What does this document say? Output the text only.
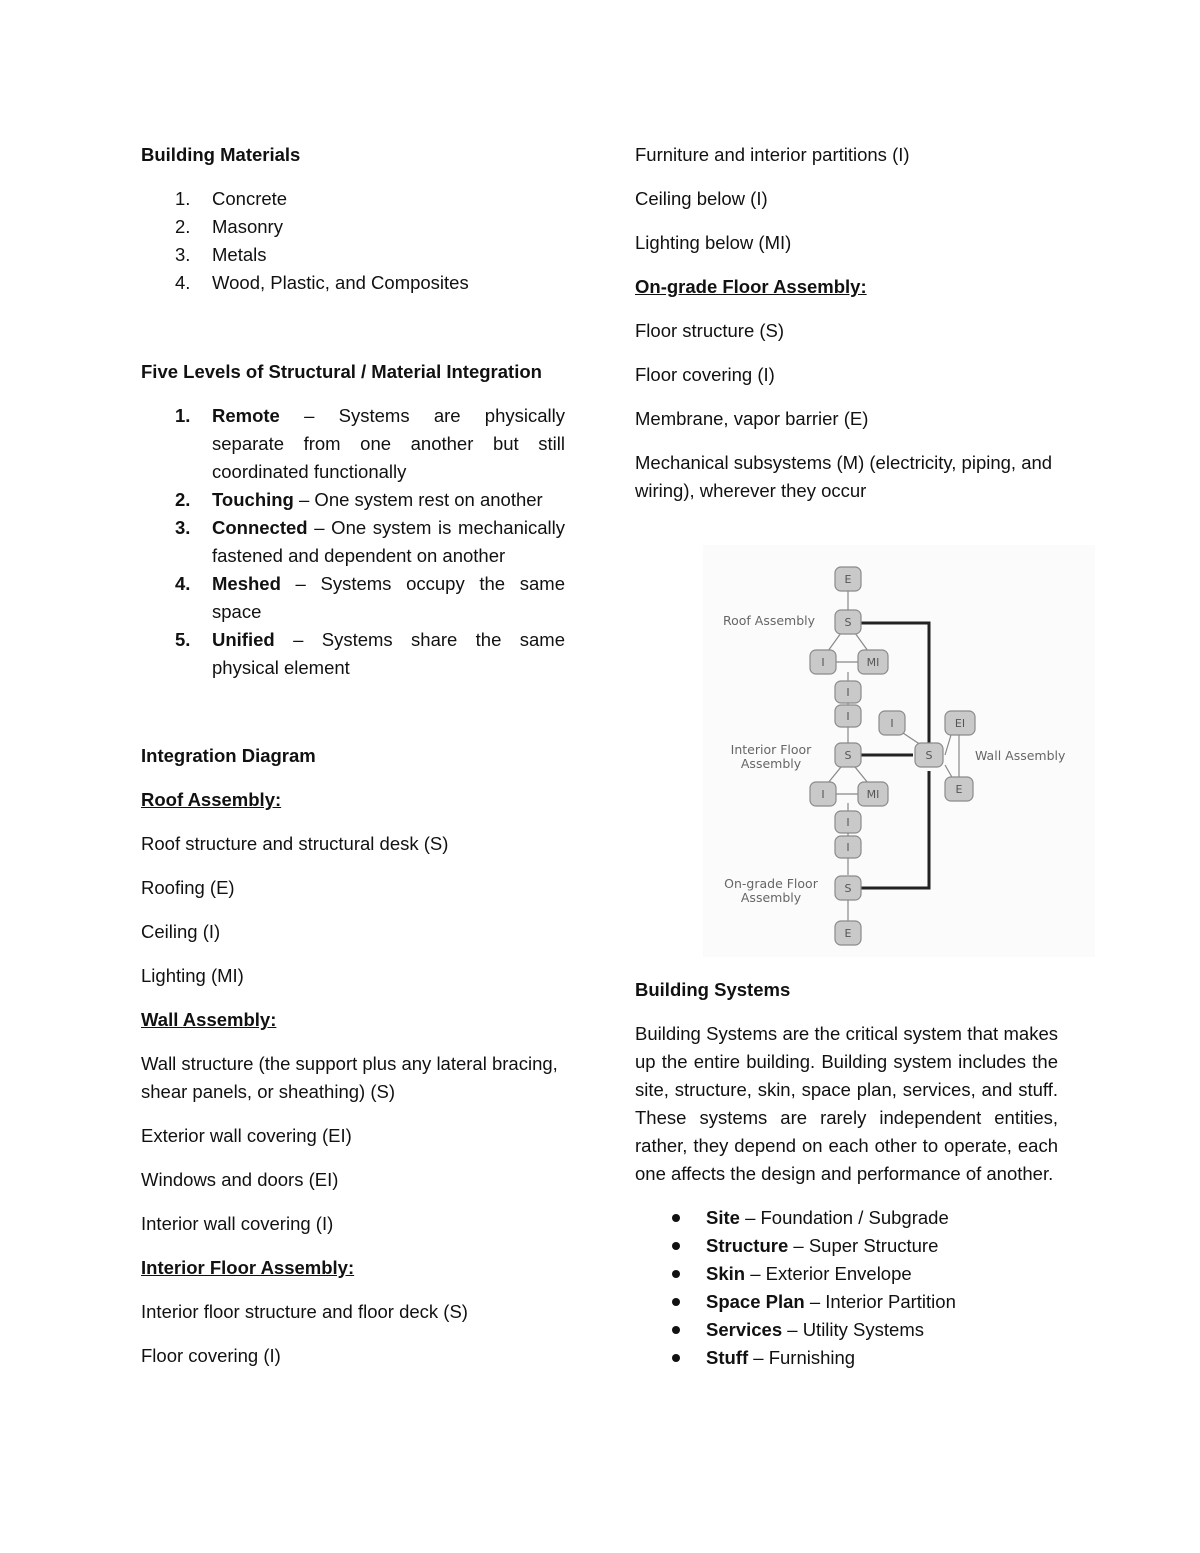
Building Materials

1. Concrete
2. Masonry
3. Metals
4. Wood, Plastic, and Composites

Five Levels of Structural / Material Integration

1. Remote – Systems are physically separate from one another but still coordinated functionally
2. Touching – One system rest on another
3. Connected – One system is mechanically fastened and dependent on another
4. Meshed – Systems occupy the same space
5. Unified – Systems share the same physical element

Integration Diagram

Roof Assembly:

Roof structure and structural desk (S)

Roofing (E)

Ceiling (I)

Lighting (MI)

Wall Assembly:

Wall structure (the support plus any lateral bracing, shear panels, or sheathing) (S)

Exterior wall covering (EI)

Windows and doors (EI)

Interior wall covering (I)

Interior Floor Assembly:

Interior floor structure and floor deck (S)

Floor covering (I)

Furniture and interior partitions (I)

Ceiling below (I)

Lighting below (MI)

On-grade Floor Assembly:

Floor structure (S)

Floor covering (I)

Membrane, vapor barrier (E)

Mechanical subsystems (M) (electricity, piping, and wiring), wherever they occur

E
S
I	MI
I
I
S
I	MI
I
I
S
E
I	EI
S
E
Roof Assembly
Interior Floor
Assembly
Wall Assembly
On-grade Floor
Assembly

Building Systems

Building Systems are the critical system that makes up the entire building. Building system includes the site, structure, skin, space plan, services, and stuff. These systems are rarely independent entities, rather, they depend on each other to operate, each one affects the design and performance of another.

Site – Foundation / Subgrade
Structure – Super Structure
Skin – Exterior Envelope
Space Plan – Interior Partition
Services – Utility Systems
Stuff – Furnishing
